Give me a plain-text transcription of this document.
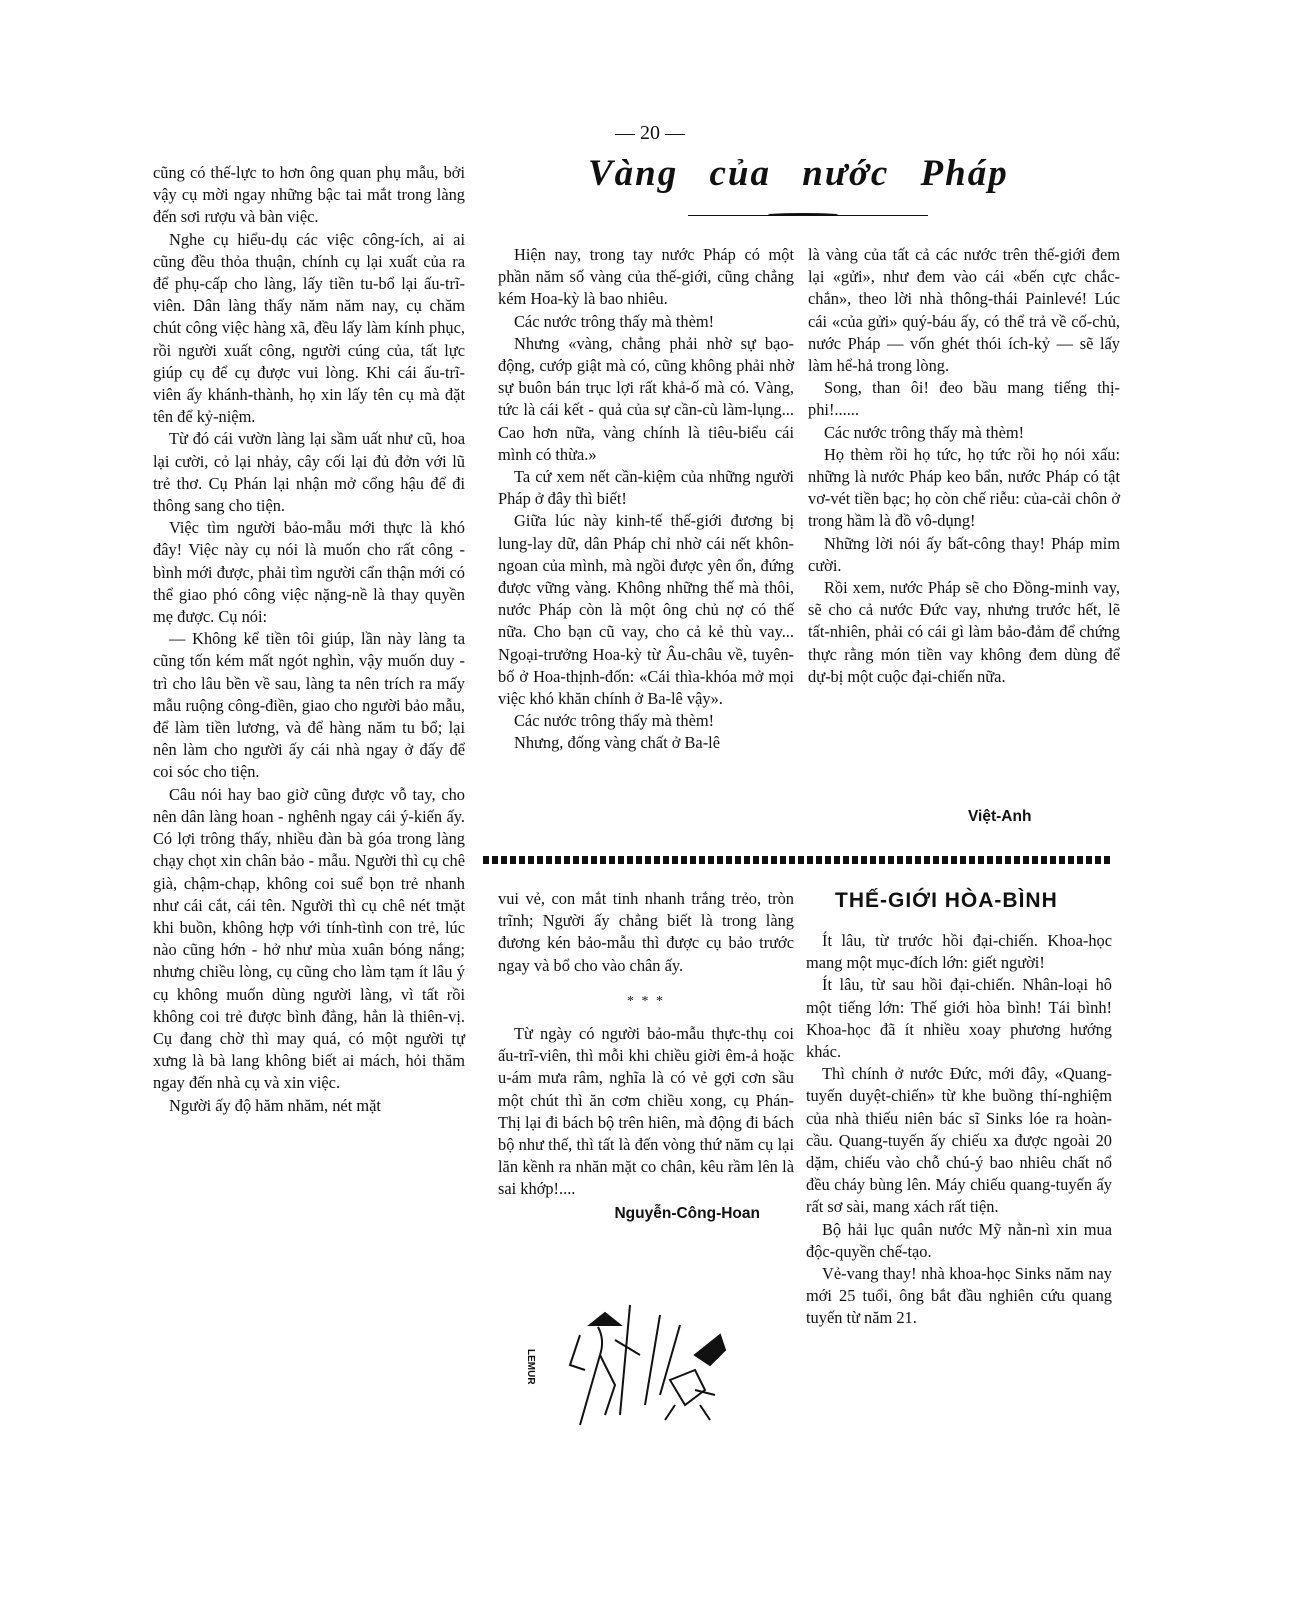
— 20 —

cũng có thế-lực to hơn ông quan phụ mẫu, bởi vậy cụ mời ngay những bậc tai mắt trong làng đến sơi rượu và bàn việc.

Nghe cụ hiểu-dụ các việc công-ích, ai ai cũng đều thỏa thuận, chính cụ lại xuất của ra để phụ-cấp cho làng, lấy tiền tu-bổ lại ấu-trĩ-viên. Dân làng thấy năm năm nay, cụ chăm chút công việc hàng xã, đều lấy làm kính phục, rồi người xuất công, người cúng của, tất lực giúp cụ để cụ được vui lòng. Khi cái ấu-trĩ-viên ấy khánh-thành, họ xin lấy tên cụ mà đặt tên để kỷ-niệm.

Từ đó cái vườn làng lại sầm uất như cũ, hoa lại cười, cỏ lại nhảy, cây cối lại đủ đởn với lũ trẻ thơ. Cụ Phán lại nhận mở cổng hậu để đi thông sang cho tiện.

Việc tìm người bảo-mẫu mới thực là khó đây! Việc này cụ nói là muốn cho rất công - bình mới được, phải tìm người cẩn thận mới có thể giao phó công việc nặng-nề là thay quyền mẹ được. Cụ nói:

— Không kể tiền tôi giúp, lần này làng ta cũng tốn kém mất ngót nghìn, vậy muốn duy - trì cho lâu bền về sau, làng ta nên trích ra mấy mẫu ruộng công-điền, giao cho người bảo mẫu, để làm tiền lương, và để hàng năm tu bổ; lại nên làm cho người ấy cái nhà ngay ở đấy để coi sóc cho tiện.

Câu nói hay bao giờ cũng được vỗ tay, cho nên dân làng hoan - nghênh ngay cái ý-kiến ấy. Có lợi trông thấy, nhiều đàn bà góa trong làng chạy chọt xin chân bảo - mẫu. Người thì cụ chê già, chậm-chạp, không coi suể bọn trẻ nhanh như cái cắt, cái tên. Người thì cụ chê nét tmặt khi buồn, không hợp với tính-tình con trẻ, lúc nào cũng hớn - hở như mùa xuân bóng nắng; nhưng chiều lòng, cụ cũng cho làm tạm ít lâu ý cụ không muốn dùng người làng, vì tất rồi không coi trẻ được bình đẳng, hẳn là thiên-vị. Cụ đang chờ thì may quá, có một người tự xưng là bà lang không biết ai mách, hỏi thăm ngay đến nhà cụ và xin việc.

Người ấy độ hăm nhăm, nét mặt

Vàng của nước Pháp

Hiện nay, trong tay nước Pháp có một phần năm số vàng của thế-giới, cũng chẳng kém Hoa-kỳ là bao nhiêu.

Các nước trông thấy mà thèm!

Nhưng «vàng, chẳng phải nhờ sự bạo-động, cướp giật mà có, cũng không phải nhờ sự buôn bán trục lợi rất khả-ố mà có. Vàng, tức là cái kết - quả của sự cần-cù làm-lụng... Cao hơn nữa, vàng chính là tiêu-biểu cái mình có thừa.»

Ta cứ xem nết cần-kiệm của những người Pháp ở đây thì biết!

Giữa lúc này kinh-tế thế-giới đương bị lung-lay dữ, dân Pháp chỉ nhờ cái nết khôn-ngoan của mình, mà ngồi được yên ổn, đứng được vững vàng. Không những thế mà thôi, nước Pháp còn là một ông chủ nợ có thế nữa. Cho bạn cũ vay, cho cả kẻ thù vay... Ngoại-trưởng Hoa-kỳ từ Âu-châu về, tuyên-bố ở Hoa-thịnh-đốn: «Cái thìa-khóa mở mọi việc khó khăn chính ở Ba-lê vậy».

Các nước trông thấy mà thèm!

Nhưng, đống vàng chất ở Ba-lê

là vàng của tất cả các nước trên thế-giới đem lại «gửi», như đem vào cái «bến cực chắc-chắn», theo lời nhà thông-thái Painlevé! Lúc cái «của gửi» quý-báu ấy, có thể trả về cố-chủ, nước Pháp — vốn ghét thói ích-kỷ — sẽ lấy làm hể-hả trong lòng.

Song, than ôi! đeo bầu mang tiếng thị-phi!......

Các nước trông thấy mà thèm!

Họ thèm rồi họ tức, họ tức rồi họ nói xấu: những là nước Pháp keo bẩn, nước Pháp có tật vơ-vét tiền bạc; họ còn chế riễu: của-cải chôn ở trong hầm là đồ vô-dụng!

Những lời nói ấy bất-công thay! Pháp mỉm cười.

Rồi xem, nước Pháp sẽ cho Đồng-minh vay, sẽ cho cả nước Đức vay, nhưng trước hết, lẽ tất-nhiên, phải có cái gì làm bảo-đảm để chứng thực rằng món tiền vay không đem dùng để dự-bị một cuộc đại-chiến nữa.

Việt-Anh

vui vẻ, con mắt tinh nhanh trắng trẻo, tròn trĩnh; Người ấy chẳng biết là trong làng đương kén bảo-mẫu thì được cụ bảo trước ngay và bổ cho vào chân ấy.

* * *

Từ ngày có người bảo-mẫu thực-thụ coi ấu-trĩ-viên, thì mỗi khi chiều giời êm-ả hoặc u-ám mưa râm, nghĩa là có vẻ gợi cơn sầu một chút thì ăn cơm chiều xong, cụ Phán-Thị lại đi bách bộ trên hiên, mà động đi bách bộ như thế, thì tất là đến vòng thứ năm cụ lại lăn kềnh ra nhăn mặt co chân, kêu rầm lên là sai khớp!....

Nguyễn-Công-Hoan
LEMUR
THẾ-GIỚI HÒA-BÌNH

Ít lâu, từ trước hồi đại-chiến. Khoa-học mang một mục-đích lớn: giết người!

Ít lâu, từ sau hồi đại-chiến. Nhân-loại hô một tiếng lớn: Thế giới hòa bình! Tái bình! Khoa-học đã ít nhiều xoay phương hướng khác.

Thì chính ở nước Đức, mới đây, «Quang-tuyến duyệt-chiến» từ khe buồng thí-nghiệm của nhà thiếu niên bác sĩ Sinks lóe ra hoàn-cầu. Quang-tuyến ấy chiếu xa được ngoài 20 dặm, chiếu vào chỗ chú-ý bao nhiêu chất nổ đều cháy bùng lên. Máy chiếu quang-tuyến ấy rất sơ sài, mang xách rất tiện.

Bộ hải lục quân nước Mỹ nằn-nì xin mua độc-quyền chế-tạo.

Vẻ-vang thay! nhà khoa-học Sinks năm nay mới 25 tuổi, ông bắt đầu nghiên cứu quang tuyến từ năm 21.
